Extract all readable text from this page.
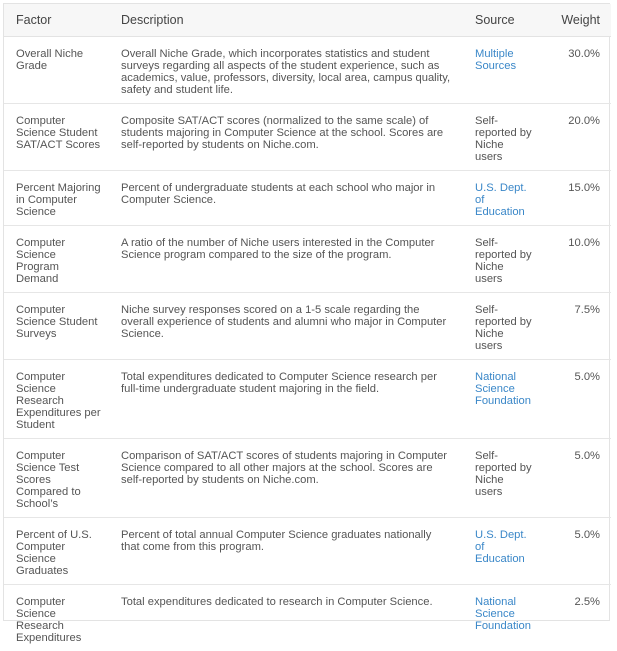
Factor	Description	Source	Weight
Overall Niche Grade	Overall Niche Grade, which incorporates statistics and student surveys regarding all aspects of the student experience, such as academics, value, professors, diversity, local area, campus quality, safety and student life.	Multiple Sources	30.0%
Computer Science Student SAT/ACT Scores	Composite SAT/ACT scores (normalized to the same scale) of students majoring in Computer Science at the school. Scores are self-reported by students on Niche.com.	Self-reported by Niche users	20.0%
Percent Majoring in Computer Science	Percent of undergraduate students at each school who major in Computer Science.	U.S. Dept. of Education	15.0%
Computer Science Program Demand	A ratio of the number of Niche users interested in the Computer Science program compared to the size of the program.	Self-reported by Niche users	10.0%
Computer Science Student Surveys	Niche survey responses scored on a 1-5 scale regarding the overall experience of students and alumni who major in Computer Science.	Self-reported by Niche users	7.5%
Computer Science Research Expenditures per Student	Total expenditures dedicated to Computer Science research per full-time undergraduate student majoring in the field.	National Science Foundation	5.0%
Computer Science Test Scores Compared to School’s	Comparison of SAT/ACT scores of students majoring in Computer Science compared to all other majors at the school. Scores are self-reported by students on Niche.com.	Self-reported by Niche users	5.0%
Percent of U.S. Computer Science Graduates	Percent of total annual Computer Science graduates nationally that come from this program.	U.S. Dept. of Education	5.0%
Computer Science Research Expenditures	Total expenditures dedicated to research in Computer Science.	National Science Foundation	2.5%
